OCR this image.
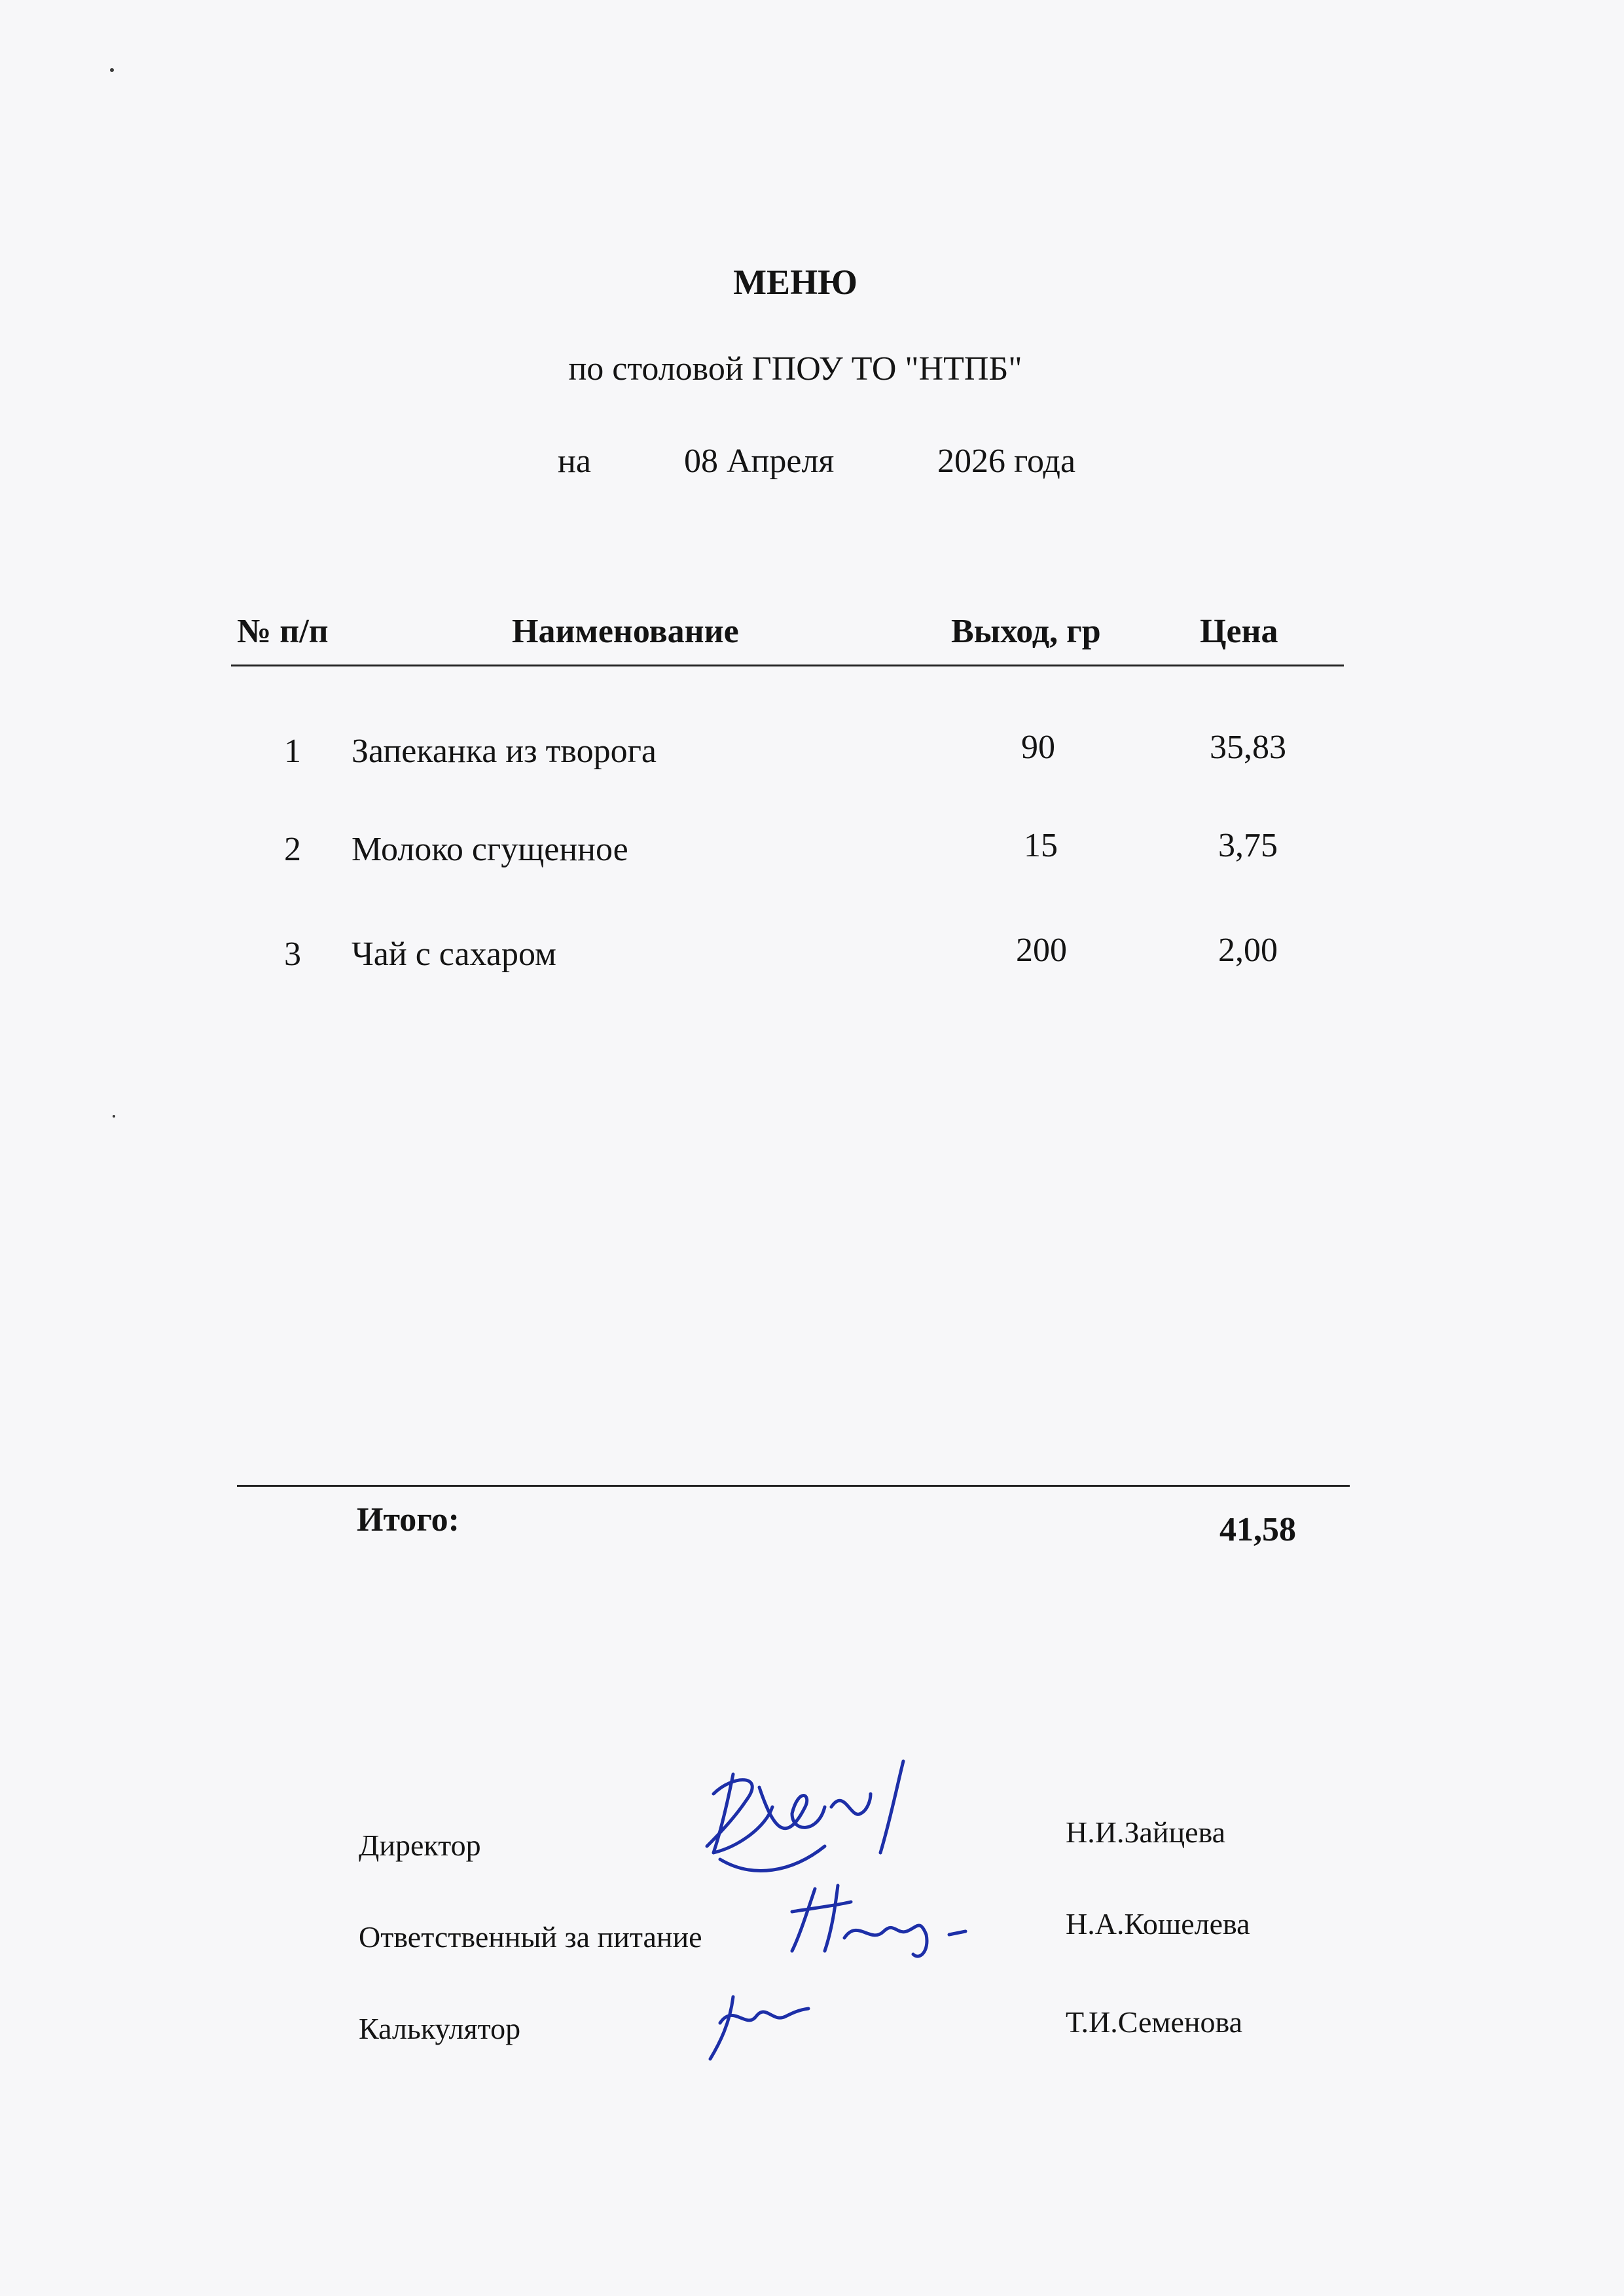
МЕНЮ
по столовой ГПОУ ТО "НТПБ"
на	08 Апреля	2026 года
№ п/п	Наименование	Выход, гр	Цена
1 Запеканка из творога	90	35,83
2 Молоко сгущенное	15	3,75
3 Чай с сахаром	200	2,00
Итого:	41,58
Директор
Ответственный за питание
Калькулятор
Н.И.Зайцева
Н.А.Кошелева
Т.И.Семенова
